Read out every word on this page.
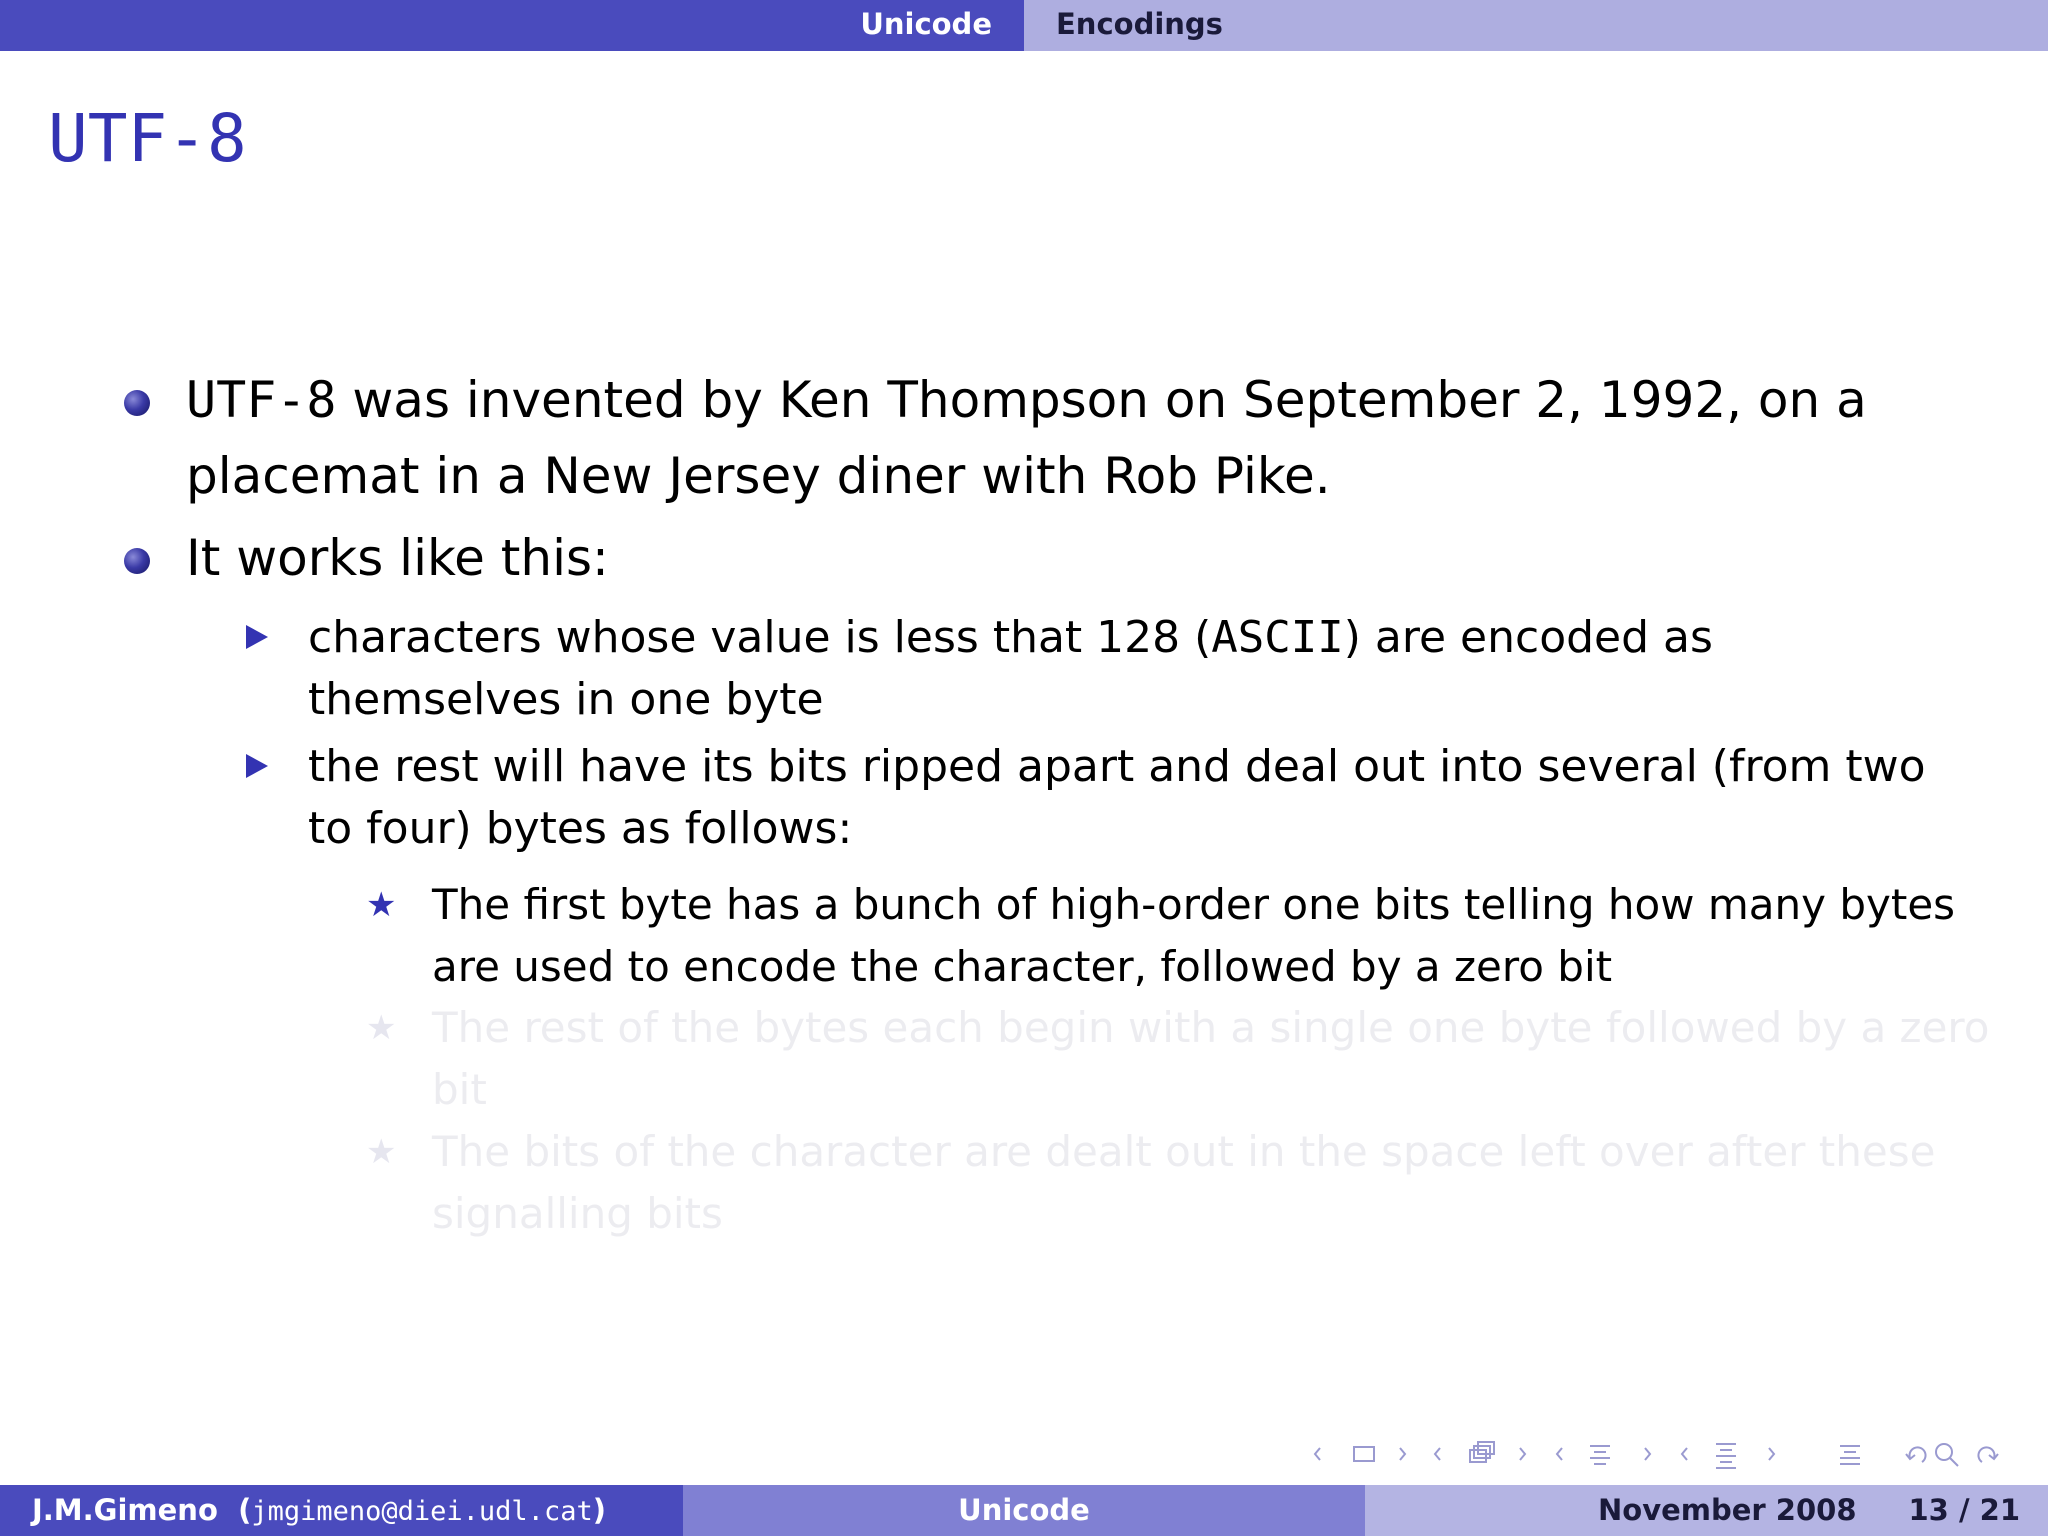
Unicode Encodings
UTF-8
UTF-8 was invented by Ken Thompson on September 2, 1992, on a placemat in a New Jersey diner with Rob Pike.
It works like this:
characters whose value is less that 128 (ASCII) are encoded as themselves in one byte
the rest will have its bits ripped apart and deal out into several (from two to four) bytes as follows:
★ The first byte has a bunch of high-order one bits telling how many bytes are used to encode the character, followed by a zero bit
★ The rest of the bytes each begin with a single one byte followed by a zero bit
★ The bits of the character are dealt out in the space left over after these signalling bits
J.M.Gimeno  (jmgimeno@diei.udl.cat)	Unicode	November 2008 13 / 21
